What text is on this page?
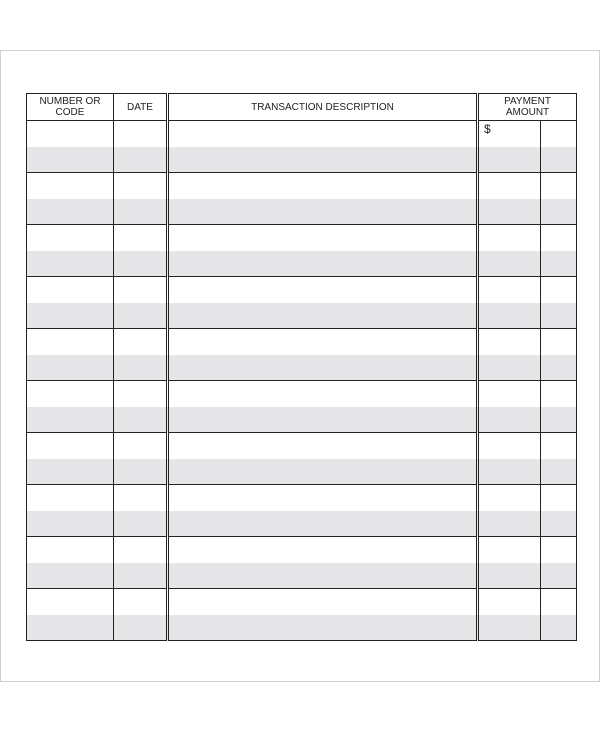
NUMBER OR CODE	DATE	TRANSACTION DESCRIPTION	PAYMENT AMOUNT	

			$	
